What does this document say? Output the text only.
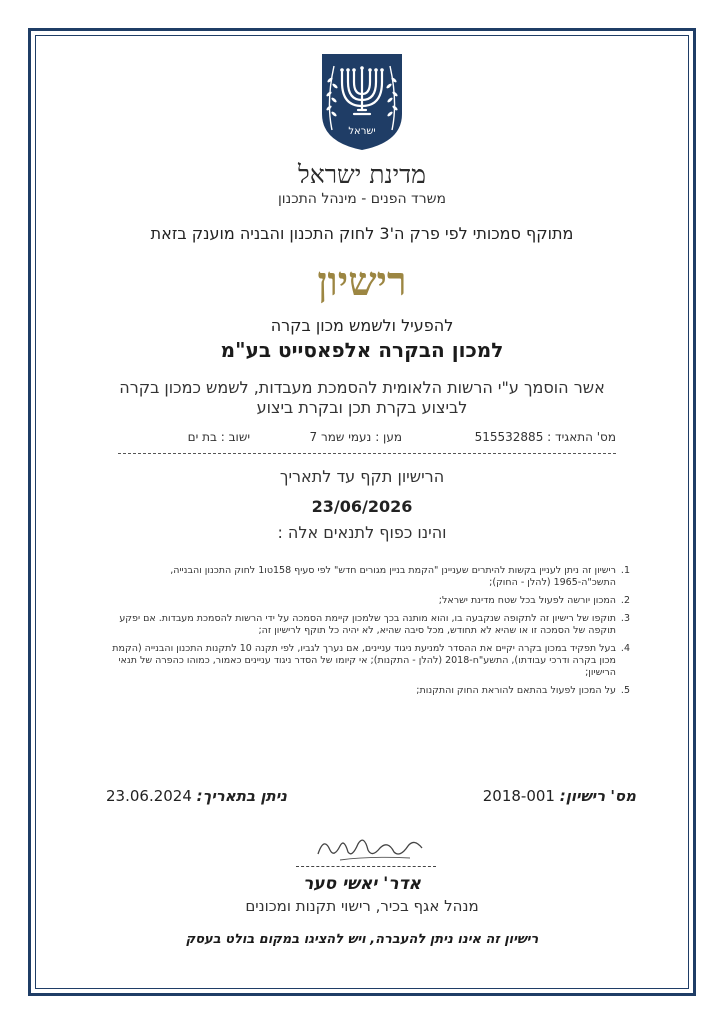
ישראל
מדינת ישראל
משרד הפנים - מינהל התכנון
מתוקף סמכותי לפי פרק ה'3 לחוק התכנון והבניה מוענק בזאת
רישיון
להפעיל ולשמש מכון בקרה
למכון הבקרה אלפאסייט בע"מ
אשר הוסמך ע"י הרשות הלאומית להסמכת מעבדות, לשמש כמכון בקרה
לביצוע בקרת תכן ובקרת ביצוע
מס' התאגיד : 515532885
מען : נעמי שמר 7
ישוב : בת ים
הרישיון תקף עד לתאריך
23/06/2026
והינו כפוף לתנאים אלה :
1.
רישיון זה ניתן לעניין בקשות להיתרים שעניינן "הקמת בניין מגורים חדש" לפי סעיף 158טו1 לחוק התכנון והבנייה, התשכ"ה-1965 (להלן - החוק);
2.
המכון יורשה לפעול בכל שטח מדינת ישראל;
3.
תוקפו של רישיון זה לתקופה שנקבעה בו, והוא מותנה בכך שלמכון קיימת הסמכה על ידי הרשות להסמכת מעבדות. אם יפקע תוקפה של הסמכה זו או שהיא לא תחודש, מכל סיבה שהיא, לא יהיה כל תוקף לרישיון זה;
4.
בעל תפקיד במכון בקרה יקיים את ההסדר למניעת ניגוד עניינים, אם נערך לגביו, לפי תקנה 10 לתקנות התכנון והבנייה (הקמת מכון בקרה ודרכי עבודתו), התשע"ח-2018 (להלן - התקנות); אי קיומו של הסדר ניגוד עניינים כאמור, כמוהו כהפרה של תנאי הרישיון;
5.
על המכון לפעול בהתאם להוראת החוק והתקנות;
מס' רישיון: 2018-001
ניתן בתאריך: 23.06.2024
אדר' יאשי סער
מנהל אגף בכיר, רישוי תקנות ומכונים
רישיון זה אינו ניתן להעברה, ויש להציגו במקום בולט בעסק
